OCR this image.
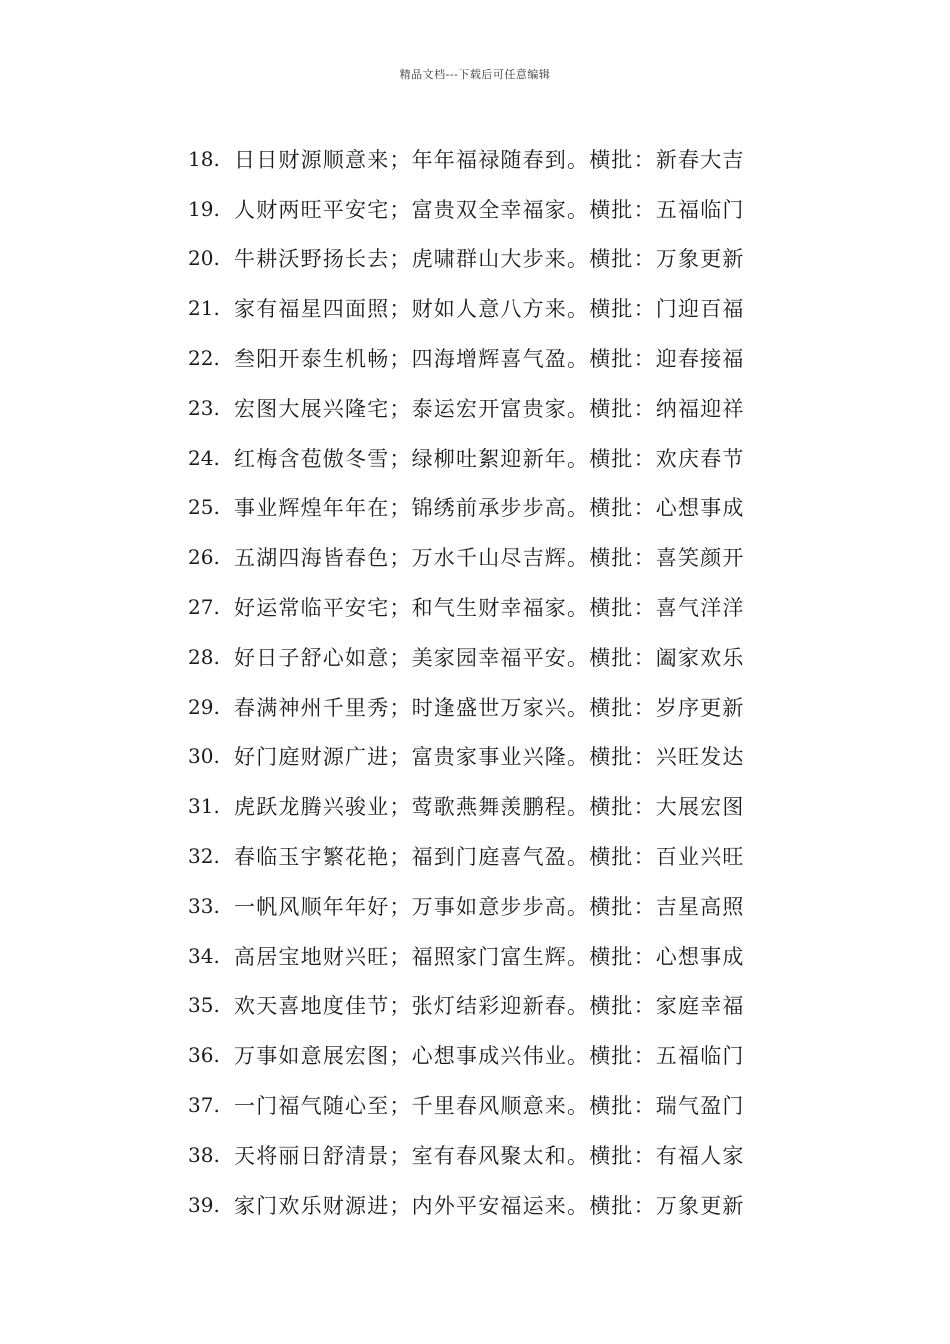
精品文档---下载后可任意编辑
18. 日日财源顺意来；年年福禄随春到。横批：新春大吉
19. 人财两旺平安宅；富贵双全幸福家。横批：五福临门
20. 牛耕沃野扬长去；虎啸群山大步来。横批：万象更新
21. 家有福星四面照；财如人意八方来。横批：门迎百福
22. 叁阳开泰生机畅；四海增辉喜气盈。横批：迎春接福
23. 宏图大展兴隆宅；泰运宏开富贵家。横批：纳福迎祥
24. 红梅含苞傲冬雪；绿柳吐絮迎新年。横批：欢庆春节
25. 事业辉煌年年在；锦绣前承步步高。横批：心想事成
26. 五湖四海皆春色；万水千山尽吉辉。横批：喜笑颜开
27. 好运常临平安宅；和气生财幸福家。横批：喜气洋洋
28. 好日子舒心如意；美家园幸福平安。横批：阖家欢乐
29. 春满神州千里秀；时逢盛世万家兴。横批：岁序更新
30. 好门庭财源广进；富贵家事业兴隆。横批：兴旺发达
31. 虎跃龙腾兴骏业；莺歌燕舞羡鹏程。横批：大展宏图
32. 春临玉宇繁花艳；福到门庭喜气盈。横批：百业兴旺
33. 一帆风顺年年好；万事如意步步高。横批：吉星高照
34. 高居宝地财兴旺；福照家门富生辉。横批：心想事成
35. 欢天喜地度佳节；张灯结彩迎新春。横批：家庭幸福
36. 万事如意展宏图；心想事成兴伟业。横批：五福临门
37. 一门福气随心至；千里春风顺意来。横批：瑞气盈门
38. 天将丽日舒清景；室有春风聚太和。横批：有福人家
39. 家门欢乐财源进；内外平安福运来。横批：万象更新
